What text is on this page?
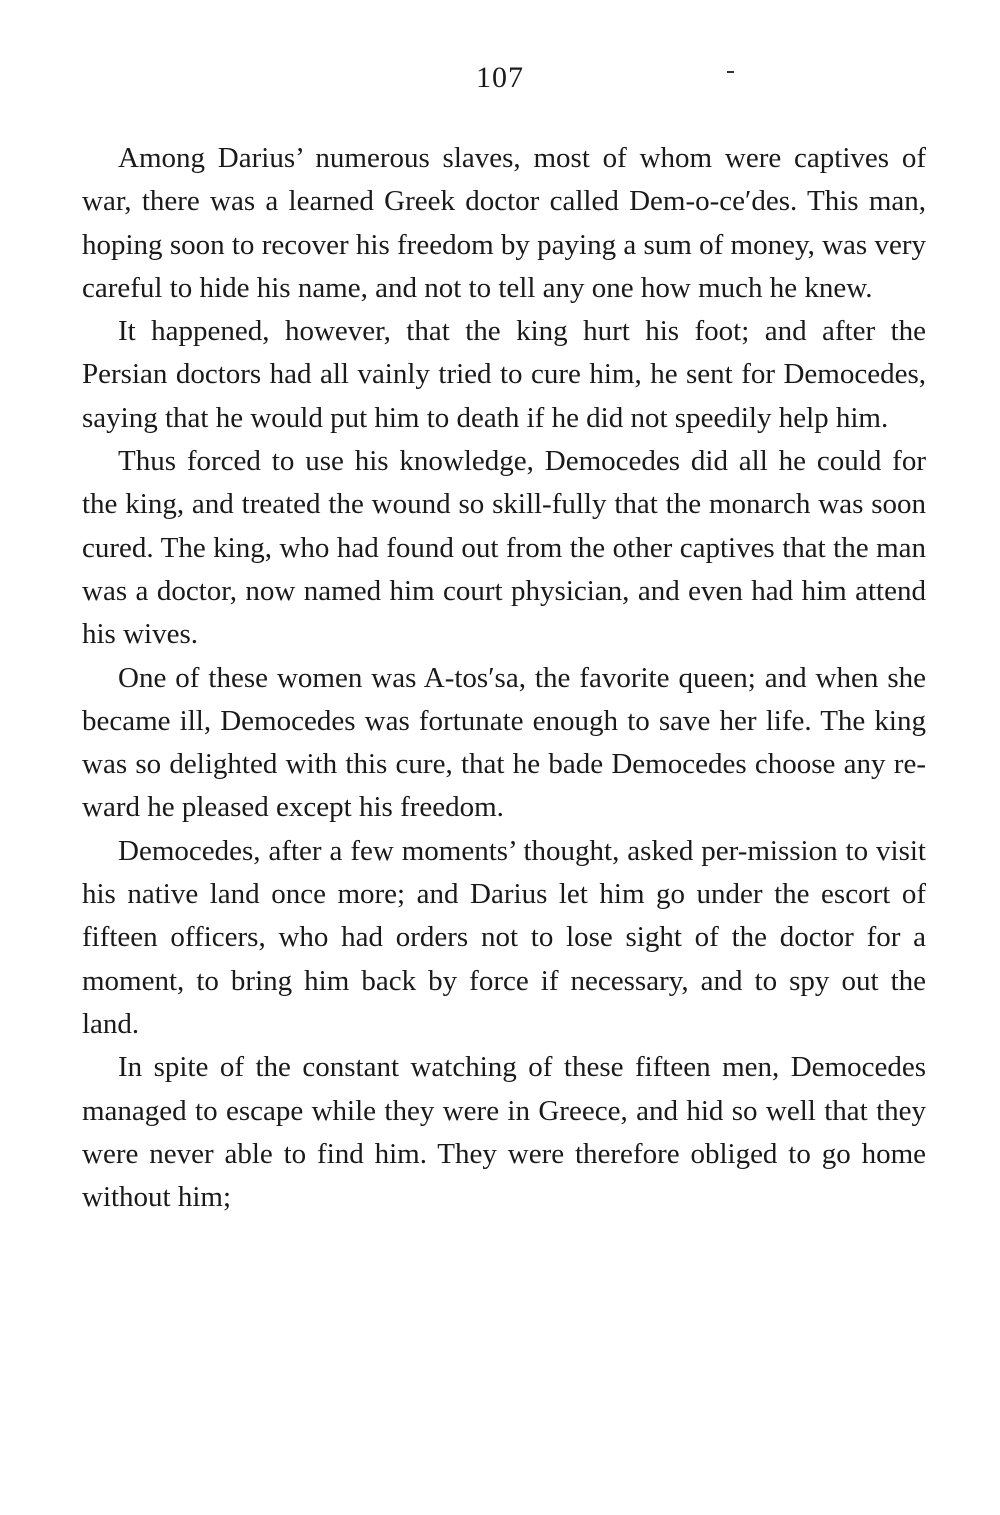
107

Among Darius’ numerous slaves, most of whom were captives of war, there was a learned Greek doctor called Dem-o-ce′des. This man, hoping soon to recover his freedom by paying a sum of money, was very careful to hide his name, and not to tell any one how much he knew.

It happened, however, that the king hurt his foot; and after the Persian doctors had all vainly tried to cure him, he sent for Democedes, saying that he would put him to death if he did not speedily help him.

Thus forced to use his knowledge, Democedes did all he could for the king, and treated the wound so skill-fully that the monarch was soon cured. The king, who had found out from the other captives that the man was a doctor, now named him court physician, and even had him attend his wives.

One of these women was A-tos′sa, the favorite queen; and when she became ill, Democedes was fortunate enough to save her life. The king was so delighted with this cure, that he bade Democedes choose any re-ward he pleased except his freedom.

Democedes, after a few moments’ thought, asked per-mission to visit his native land once more; and Darius let him go under the escort of fifteen officers, who had orders not to lose sight of the doctor for a moment, to bring him back by force if necessary, and to spy out the land.

In spite of the constant watching of these fifteen men, Democedes managed to escape while they were in Greece, and hid so well that they were never able to find him. They were therefore obliged to go home without him;
